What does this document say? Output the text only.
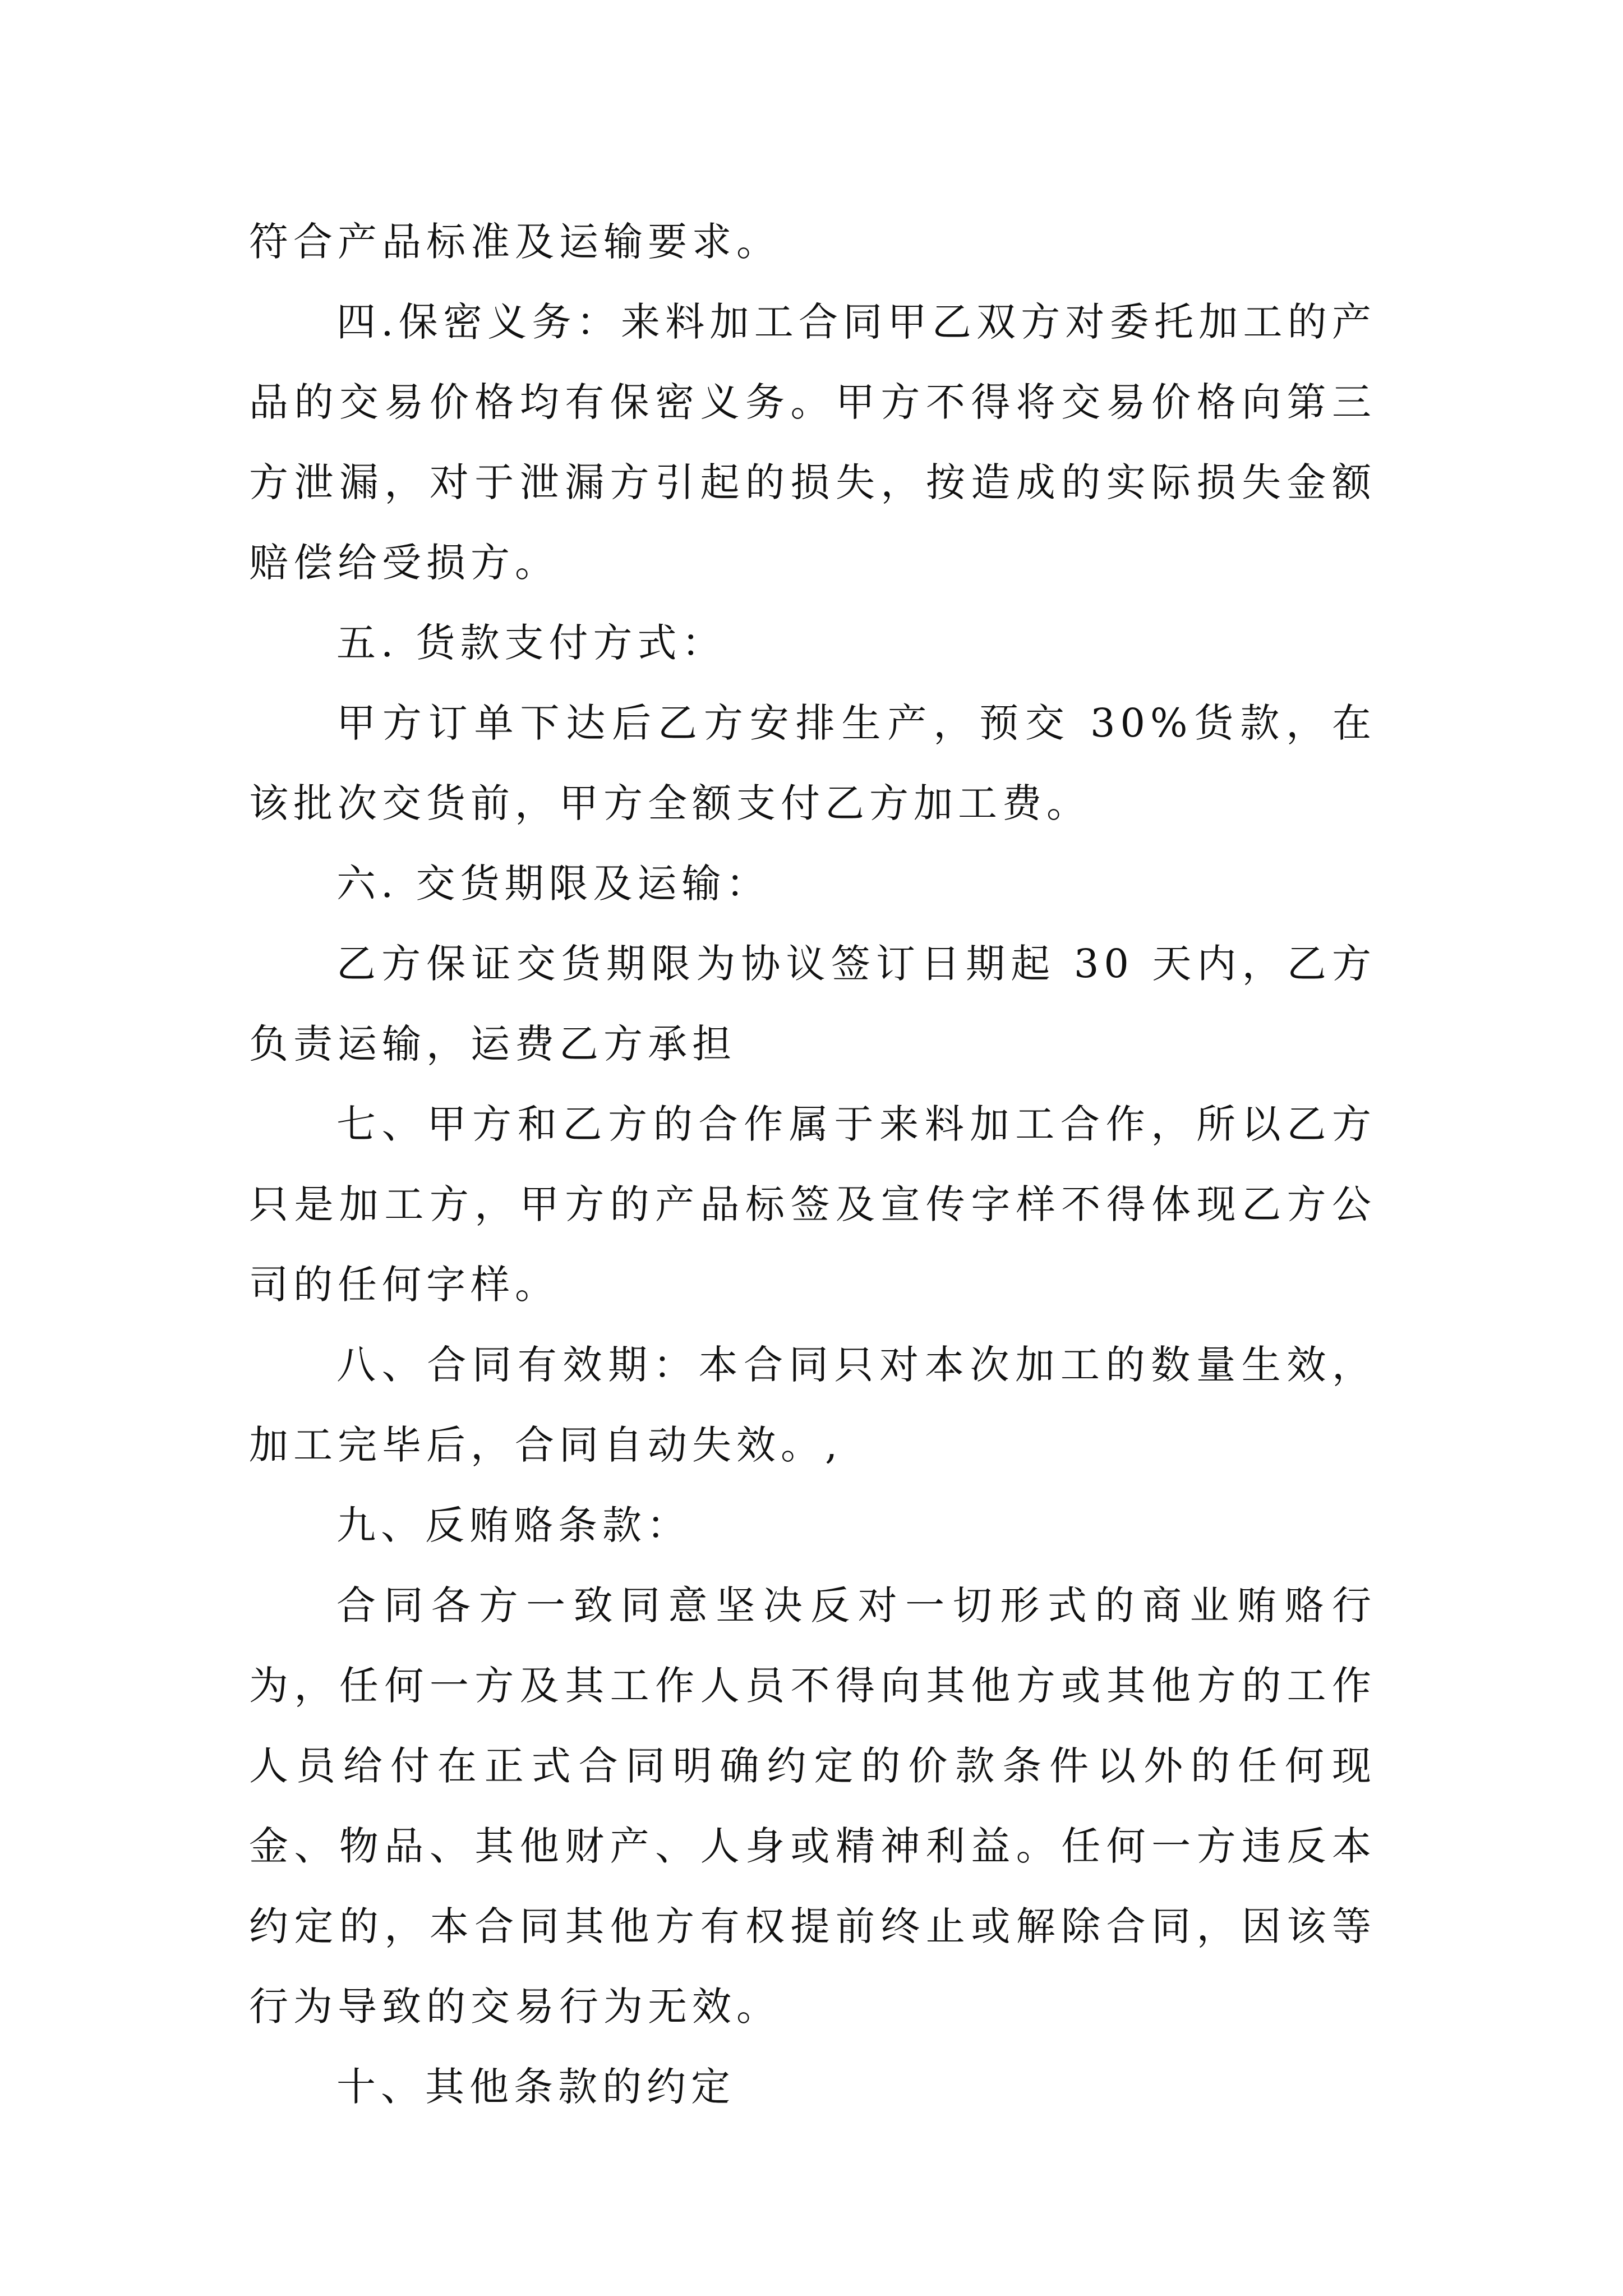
符合产品标准及运输要求。

四.保密义务：来料加工合同甲乙双方对委托加工的产品的交易价格均有保密义务。甲方不得将交易价格向第三方泄漏，对于泄漏方引起的损失，按造成的实际损失金额赔偿给受损方。

五. 货款支付方式：

甲方订单下达后乙方安排生产，预交 30%货款，在该批次交货前，甲方全额支付乙方加工费。

六. 交货期限及运输：

乙方保证交货期限为协议签订日期起 30 天内，乙方负责运输，运费乙方承担

七、甲方和乙方的合作属于来料加工合作，所以乙方只是加工方，甲方的产品标签及宣传字样不得体现乙方公司的任何字样。

八、合同有效期：本合同只对本次加工的数量生效，加工完毕后，合同自动失效。,

九、反贿赂条款：

合同各方一致同意坚决反对一切形式的商业贿赂行为，任何一方及其工作人员不得向其他方或其他方的工作人员给付在正式合同明确约定的价款条件以外的任何现金、物品、其他财产、人身或精神利益。任何一方违反本约定的，本合同其他方有权提前终止或解除合同，因该等行为导致的交易行为无效。

十、其他条款的约定
